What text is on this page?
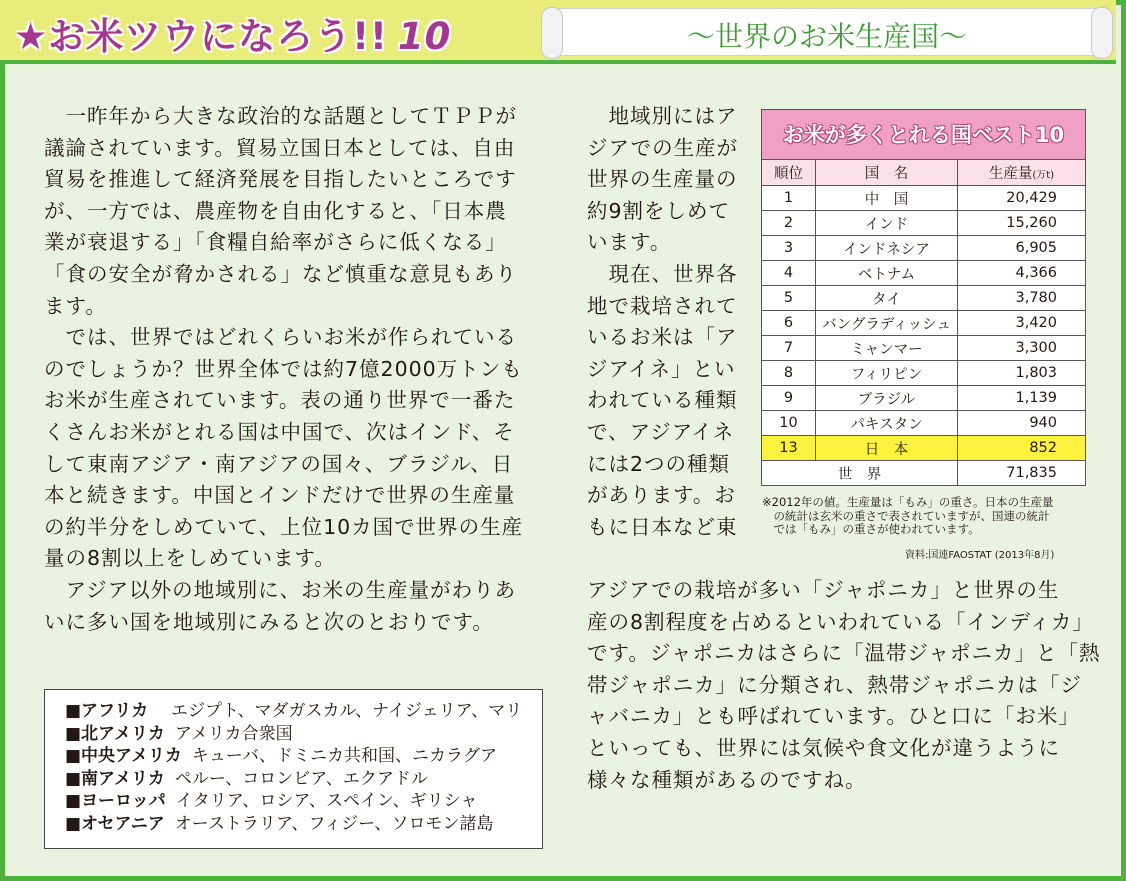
★お米ツウになろう!! 10	〜世界のお米生産国〜
　一昨年から大きな政治的な話題としてＴＰＰが
議論されています。貿易立国日本としては、自由
貿易を推進して経済発展を目指したいところです
が、一方では、農産物を自由化すると、「日本農
業が衰退する」「食糧自給率がさらに低くなる」
「食の安全が脅かされる」など慎重な意見もあり
ます。
　では、世界ではどれくらいお米が作られている
のでしょうか？世界全体では約7億2000万トンも
お米が生産されています。表の通り世界で一番た
くさんお米がとれる国は中国で、次はインド、そ
して東南アジア・南アジアの国々、ブラジル、日
本と続きます。中国とインドだけで世界の生産量
の約半分をしめていて、上位10カ国で世界の生産
量の8割以上をしめています。
　アジア以外の地域別に、お米の生産量がわりあ
いに多い国を地域別にみると次のとおりです。
　地域別にはア
ジアでの生産が
世界の生産量の
約9割をしめて
います。
　現在、世界各
地で栽培されて
いるお米は「ア
ジアイネ」とい
われている種類
で、アジアイネ
には2つの種類
があります。お
もに日本など東
アジアでの栽培が多い「ジャポニカ」と世界の生
産の8割程度を占めるといわれている「インディカ」
です。ジャポニカはさらに「温帯ジャポニカ」と「熱
帯ジャポニカ」に分類され、熱帯ジャポニカは「ジ
ャバニカ」とも呼ばれています。ひと口に「お米」
といっても、世界には気候や食文化が違うように
様々な種類があるのですね。
■アフリカ エジプト、マダガスカル、ナイジェリア、マリ
■北アメリカ アメリカ合衆国
■中央アメリカ キューバ、ドミニカ共和国、ニカラグア
■南アメリカ ペルー、コロンビア、エクアドル
■ヨーロッパ イタリア、ロシア、スペイン、ギリシャ
■オセアニア オーストラリア、フィジー、ソロモン諸島
お米が多くとれる国ベスト10
順位	国　名	生産量(万t)
1	中　国	20,429
2	インド	15,260
3	インドネシア	6,905
4	ベトナム	4,366
5	タイ	3,780
6	バングラディッシュ	3,420
7	ミャンマー	3,300
8	フィリピン	1,803
9	ブラジル	1,139
10	パキスタン	940
13	日　本	852
世　界		71,835
※2012年の値。生産量は「もみ」の重さ。日本の生産量
　の統計は玄米の重さで表されていますが、国連の統計
　では「もみ」の重さが使われています。
資料:国連FAOSTAT (2013年8月)
